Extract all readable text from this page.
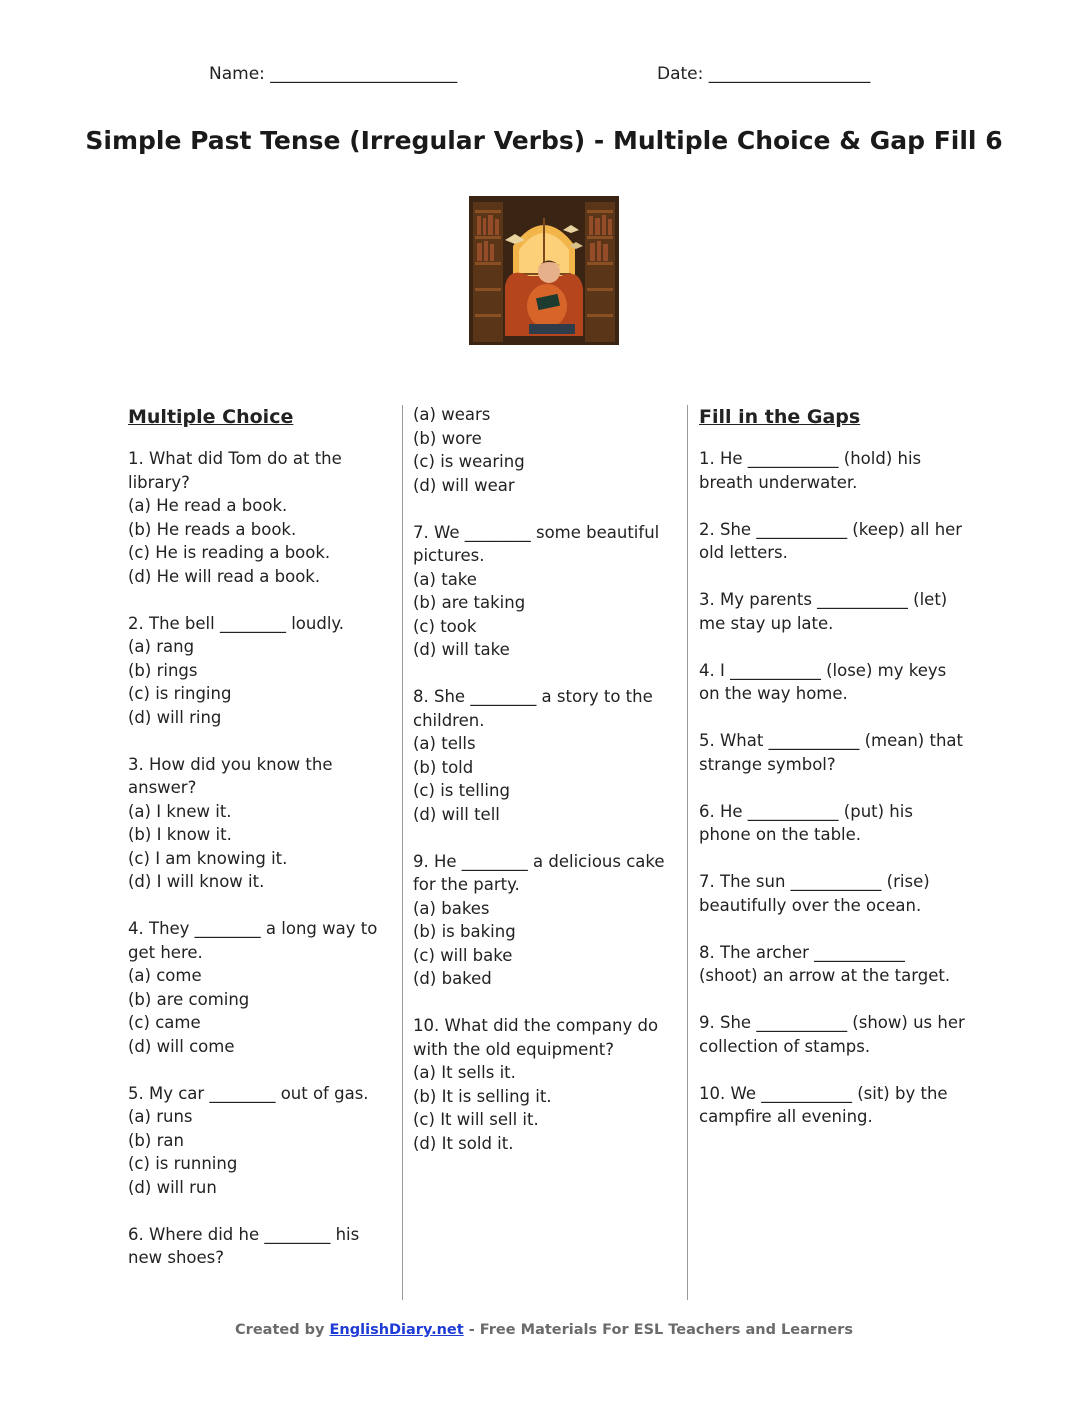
Name: ______________________	Date: ___________________
Simple Past Tense (Irregular Verbs) - Multiple Choice & Gap Fill 6
Multiple Choice
1. What did Tom do at the
library?
(a) He read a book.
(b) He reads a book.
(c) He is reading a book.
(d) He will read a book.
2. The bell ________ loudly.
(a) rang
(b) rings
(c) is ringing
(d) will ring
3. How did you know the
answer?
(a) I knew it.
(b) I know it.
(c) I am knowing it.
(d) I will know it.
4. They ________ a long way to
get here.
(a) come
(b) are coming
(c) came
(d) will come
5. My car ________ out of gas.
(a) runs
(b) ran
(c) is running
(d) will run
6. Where did he ________ his
new shoes?
(a) wears
(b) wore
(c) is wearing
(d) will wear
7. We ________ some beautiful
pictures.
(a) take
(b) are taking
(c) took
(d) will take
8. She ________ a story to the
children.
(a) tells
(b) told
(c) is telling
(d) will tell
9. He ________ a delicious cake
for the party.
(a) bakes
(b) is baking
(c) will bake
(d) baked
10. What did the company do
with the old equipment?
(a) It sells it.
(b) It is selling it.
(c) It will sell it.
(d) It sold it.
Fill in the Gaps
1. He ___________ (hold) his
breath underwater.
2. She ___________ (keep) all her
old letters.
3. My parents ___________ (let)
me stay up late.
4. I ___________ (lose) my keys
on the way home.
5. What ___________ (mean) that
strange symbol?
6. He ___________ (put) his
phone on the table.
7. The sun ___________ (rise)
beautifully over the ocean.
8. The archer ___________
(shoot) an arrow at the target.
9. She ___________ (show) us her
collection of stamps.
10. We ___________ (sit) by the
campfire all evening.
Created by EnglishDiary.net - Free Materials For ESL Teachers and Learners
